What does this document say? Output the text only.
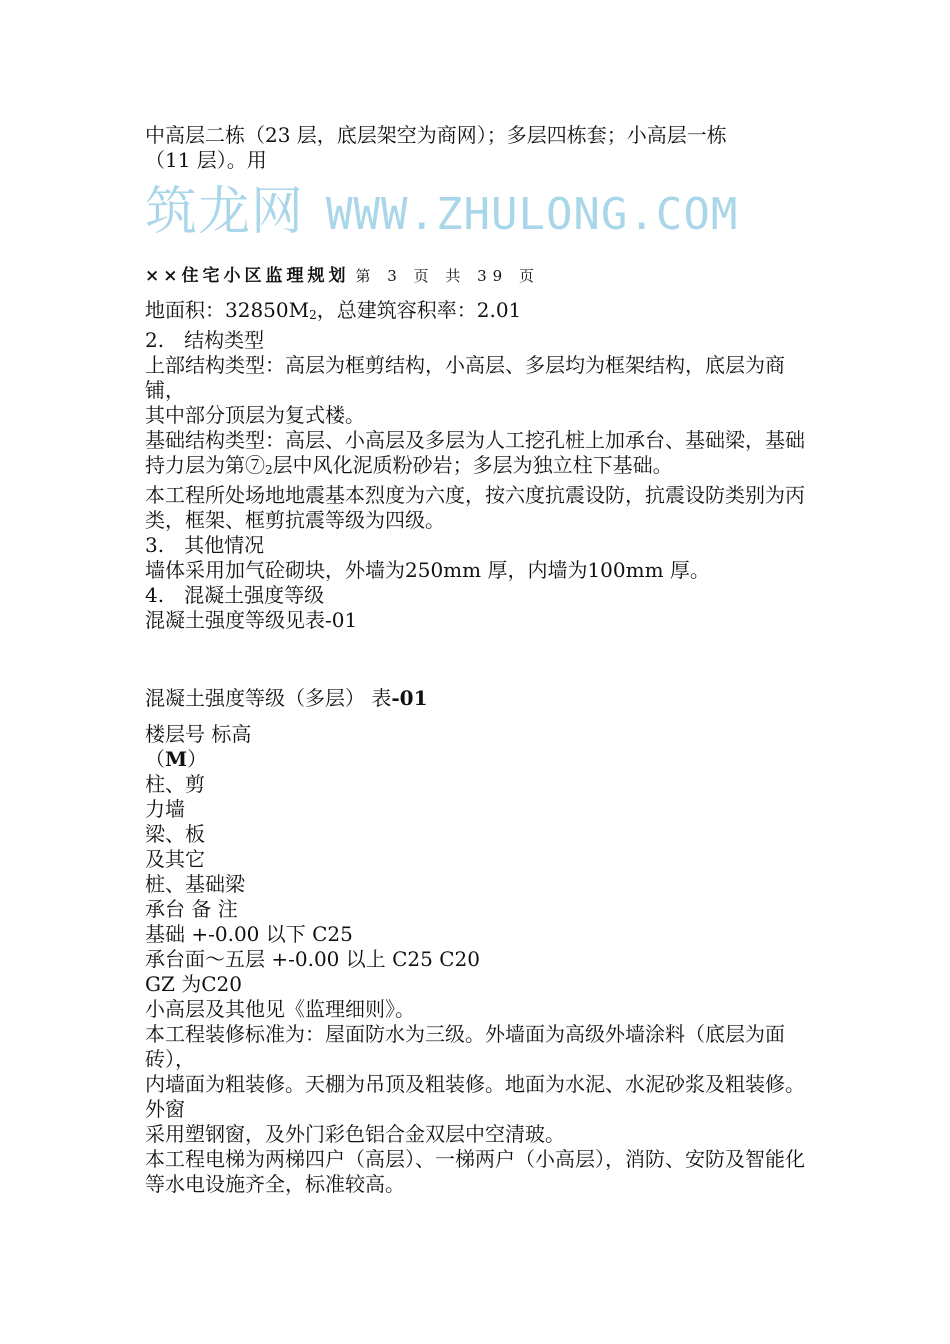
中高层二栋（23 层，底层架空为商网）；多层四栋套；小高层一栋
（11 层）。用

筑龙网 WWW.ZHULONG.COM
××住宅小区监理规划 第 3 页 共 39 页

地面积：32850M2，总建筑容积率：2.01
2.　结构类型
上部结构类型：高层为框剪结构，小高层、多层均为框架结构，底层为商铺，
其中部分顶层为复式楼。
基础结构类型：高层、小高层及多层为人工挖孔桩上加承台、基础梁，基础
持力层为第⑦2层中风化泥质粉砂岩；多层为独立柱下基础。
本工程所处场地地震基本烈度为六度，按六度抗震设防，抗震设防类别为丙
类，框架、框剪抗震等级为四级。
3.　其他情况
墙体采用加气砼砌块，外墙为250mm 厚，内墙为100mm 厚。
4.　混凝土强度等级
混凝土强度等级见表-01

混凝土强度等级（多层） 表-01

楼层号 标高
（M）
柱、剪
力墙
梁、板
及其它
桩、基础梁
承台 备 注
基础 +-0.00 以下 C25
承台面～五层 +-0.00 以上 C25 C20
GZ 为C20
小高层及其他见《监理细则》。
本工程装修标准为：屋面防水为三级。外墙面为高级外墙涂料（底层为面砖），
内墙面为粗装修。天棚为吊顶及粗装修。地面为水泥、水泥砂浆及粗装修。外窗
采用塑钢窗，及外门彩色铝合金双层中空清玻。
本工程电梯为两梯四户（高层）、一梯两户（小高层），消防、安防及智能化
等水电设施齐全，标准较高。
